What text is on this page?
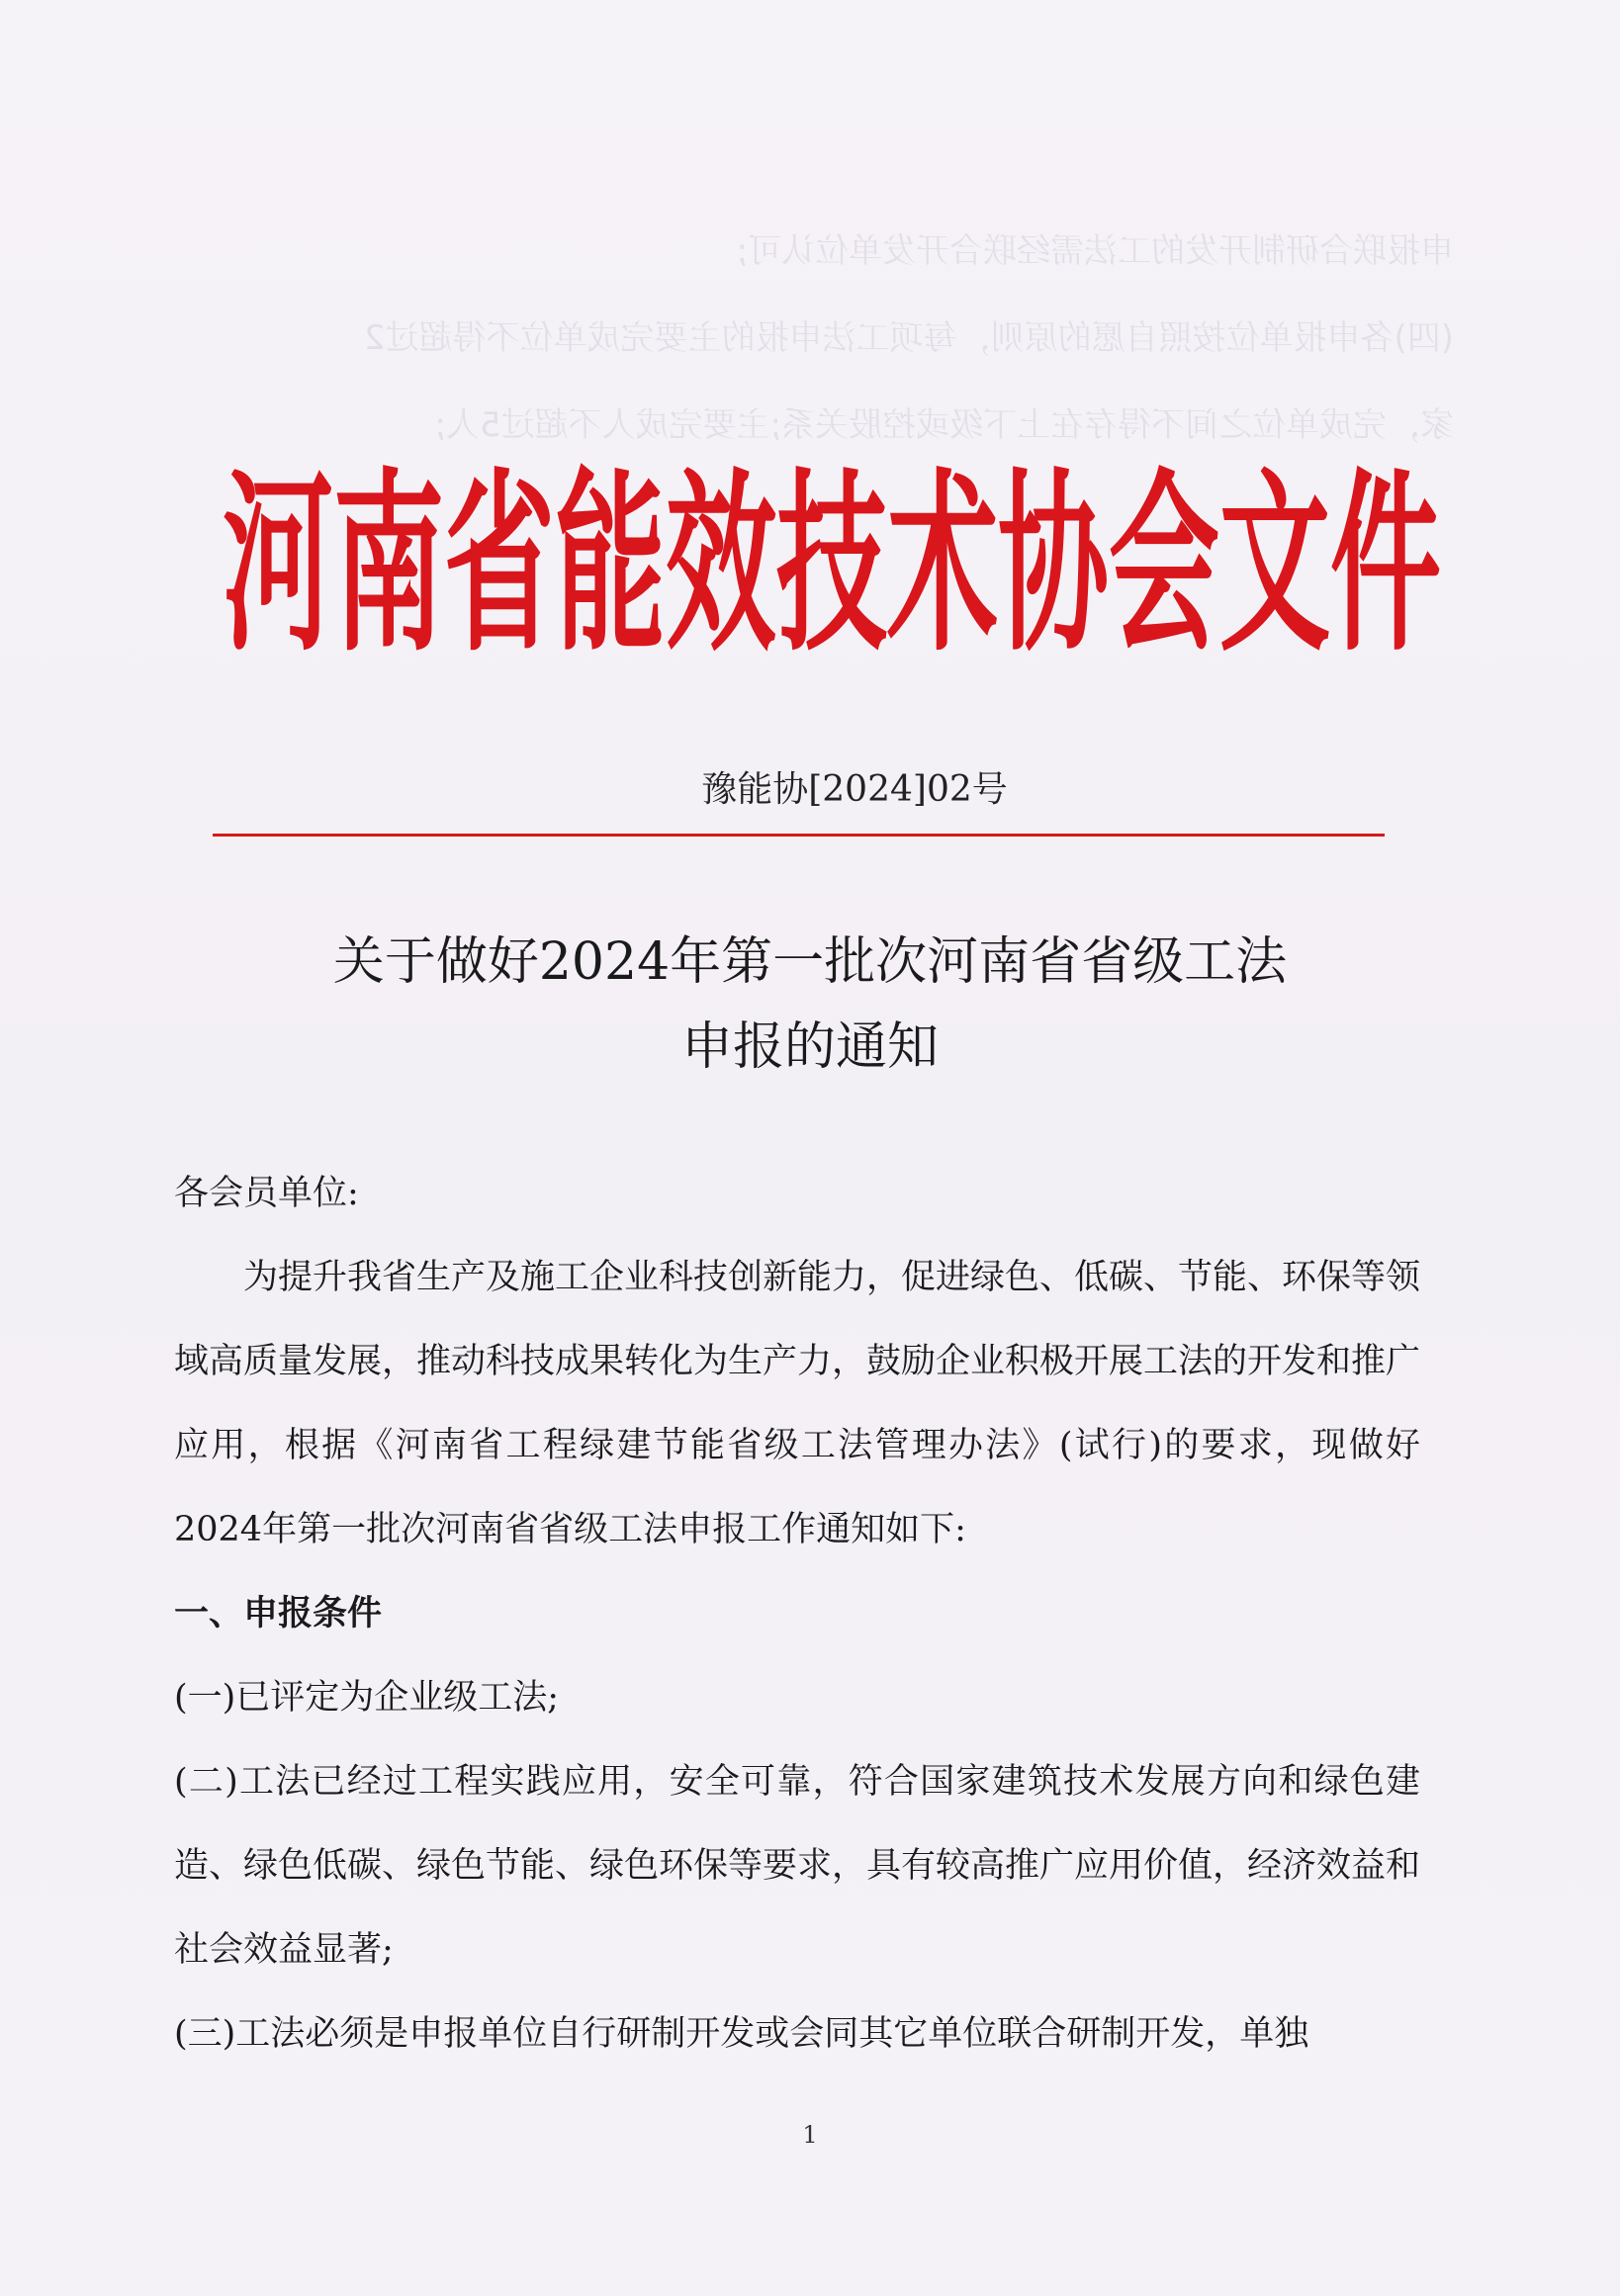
申报联合研制开发的工法需经联合开发单位认可;
(四)各申报单位按照自愿的原则，每项工法申报的主要完成单位不得超过2
家，完成单位之间不得存在上下级或控股关系;主要完成人不超过5人;
河 南 省 能 效 技 术 协 会 文 件
豫能协[2024]02号
关于做好2024年第一批次河南省省级工法
申报的通知

各会员单位:

为提升我省生产及施工企业科技创新能力，促进绿色、低碳、节能、环保等领域高质量发展，推动科技成果转化为生产力，鼓励企业积极开展工法的开发和推广应用，根据《河南省工程绿建节能省级工法管理办法》(试行)的要求，现做好2024年第一批次河南省省级工法申报工作通知如下:

一、申报条件

(一)已评定为企业级工法;

(二)工法已经过工程实践应用，安全可靠，符合国家建筑技术发展方向和绿色建造、绿色低碳、绿色节能、绿色环保等要求，具有较高推广应用价值，经济效益和社会效益显著;

(三)工法必须是申报单位自行研制开发或会同其它单位联合研制开发，单独

1
